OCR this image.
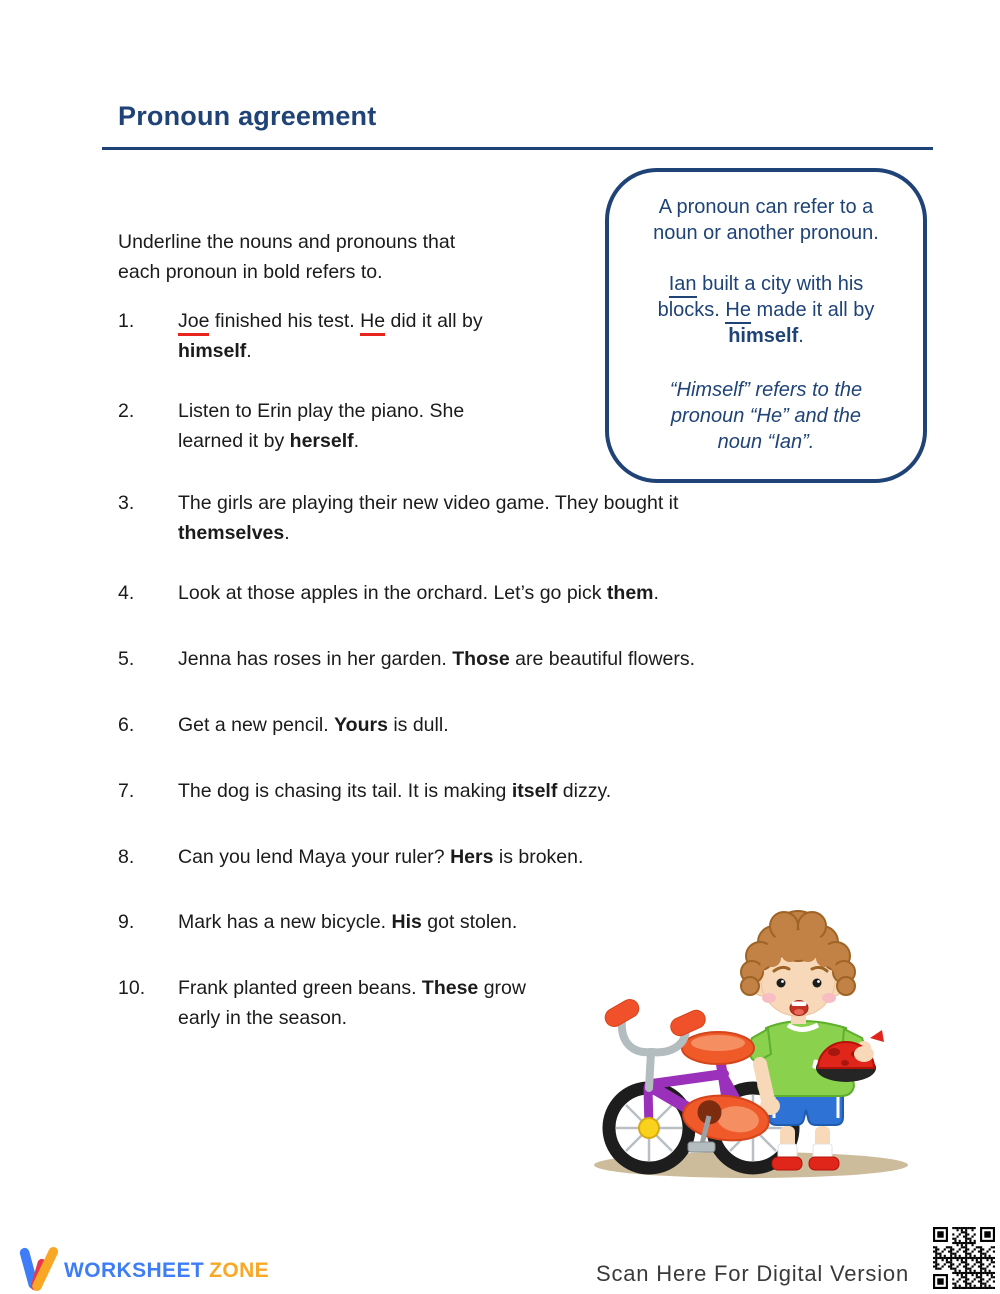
Pronoun agreement
Underline the nouns and pronouns that
each pronoun in bold refers to.
A pronoun can refer to a
noun or another pronoun.
Ian built a city with his
blocks. He made it all by
himself.
“Himself” refers to the
pronoun “He” and the
noun “Ian”.
1. Joe finished his test. He did it all by
himself.
2. Listen to Erin play the piano. She
learned it by herself.
3. The girls are playing their new video game. They bought it
themselves.
4. Look at those apples in the orchard. Let’s go pick them.
5. Jenna has roses in her garden. Those are beautiful flowers.
6. Get a new pencil. Yours is dull.
7. The dog is chasing its tail. It is making itself dizzy.
8. Can you lend Maya your ruler? Hers is broken.
9. Mark has a new bicycle. His got stolen.
10. Frank planted green beans. These grow
early in the season.
WORKSHEET ZONE	Scan Here For Digital Version
